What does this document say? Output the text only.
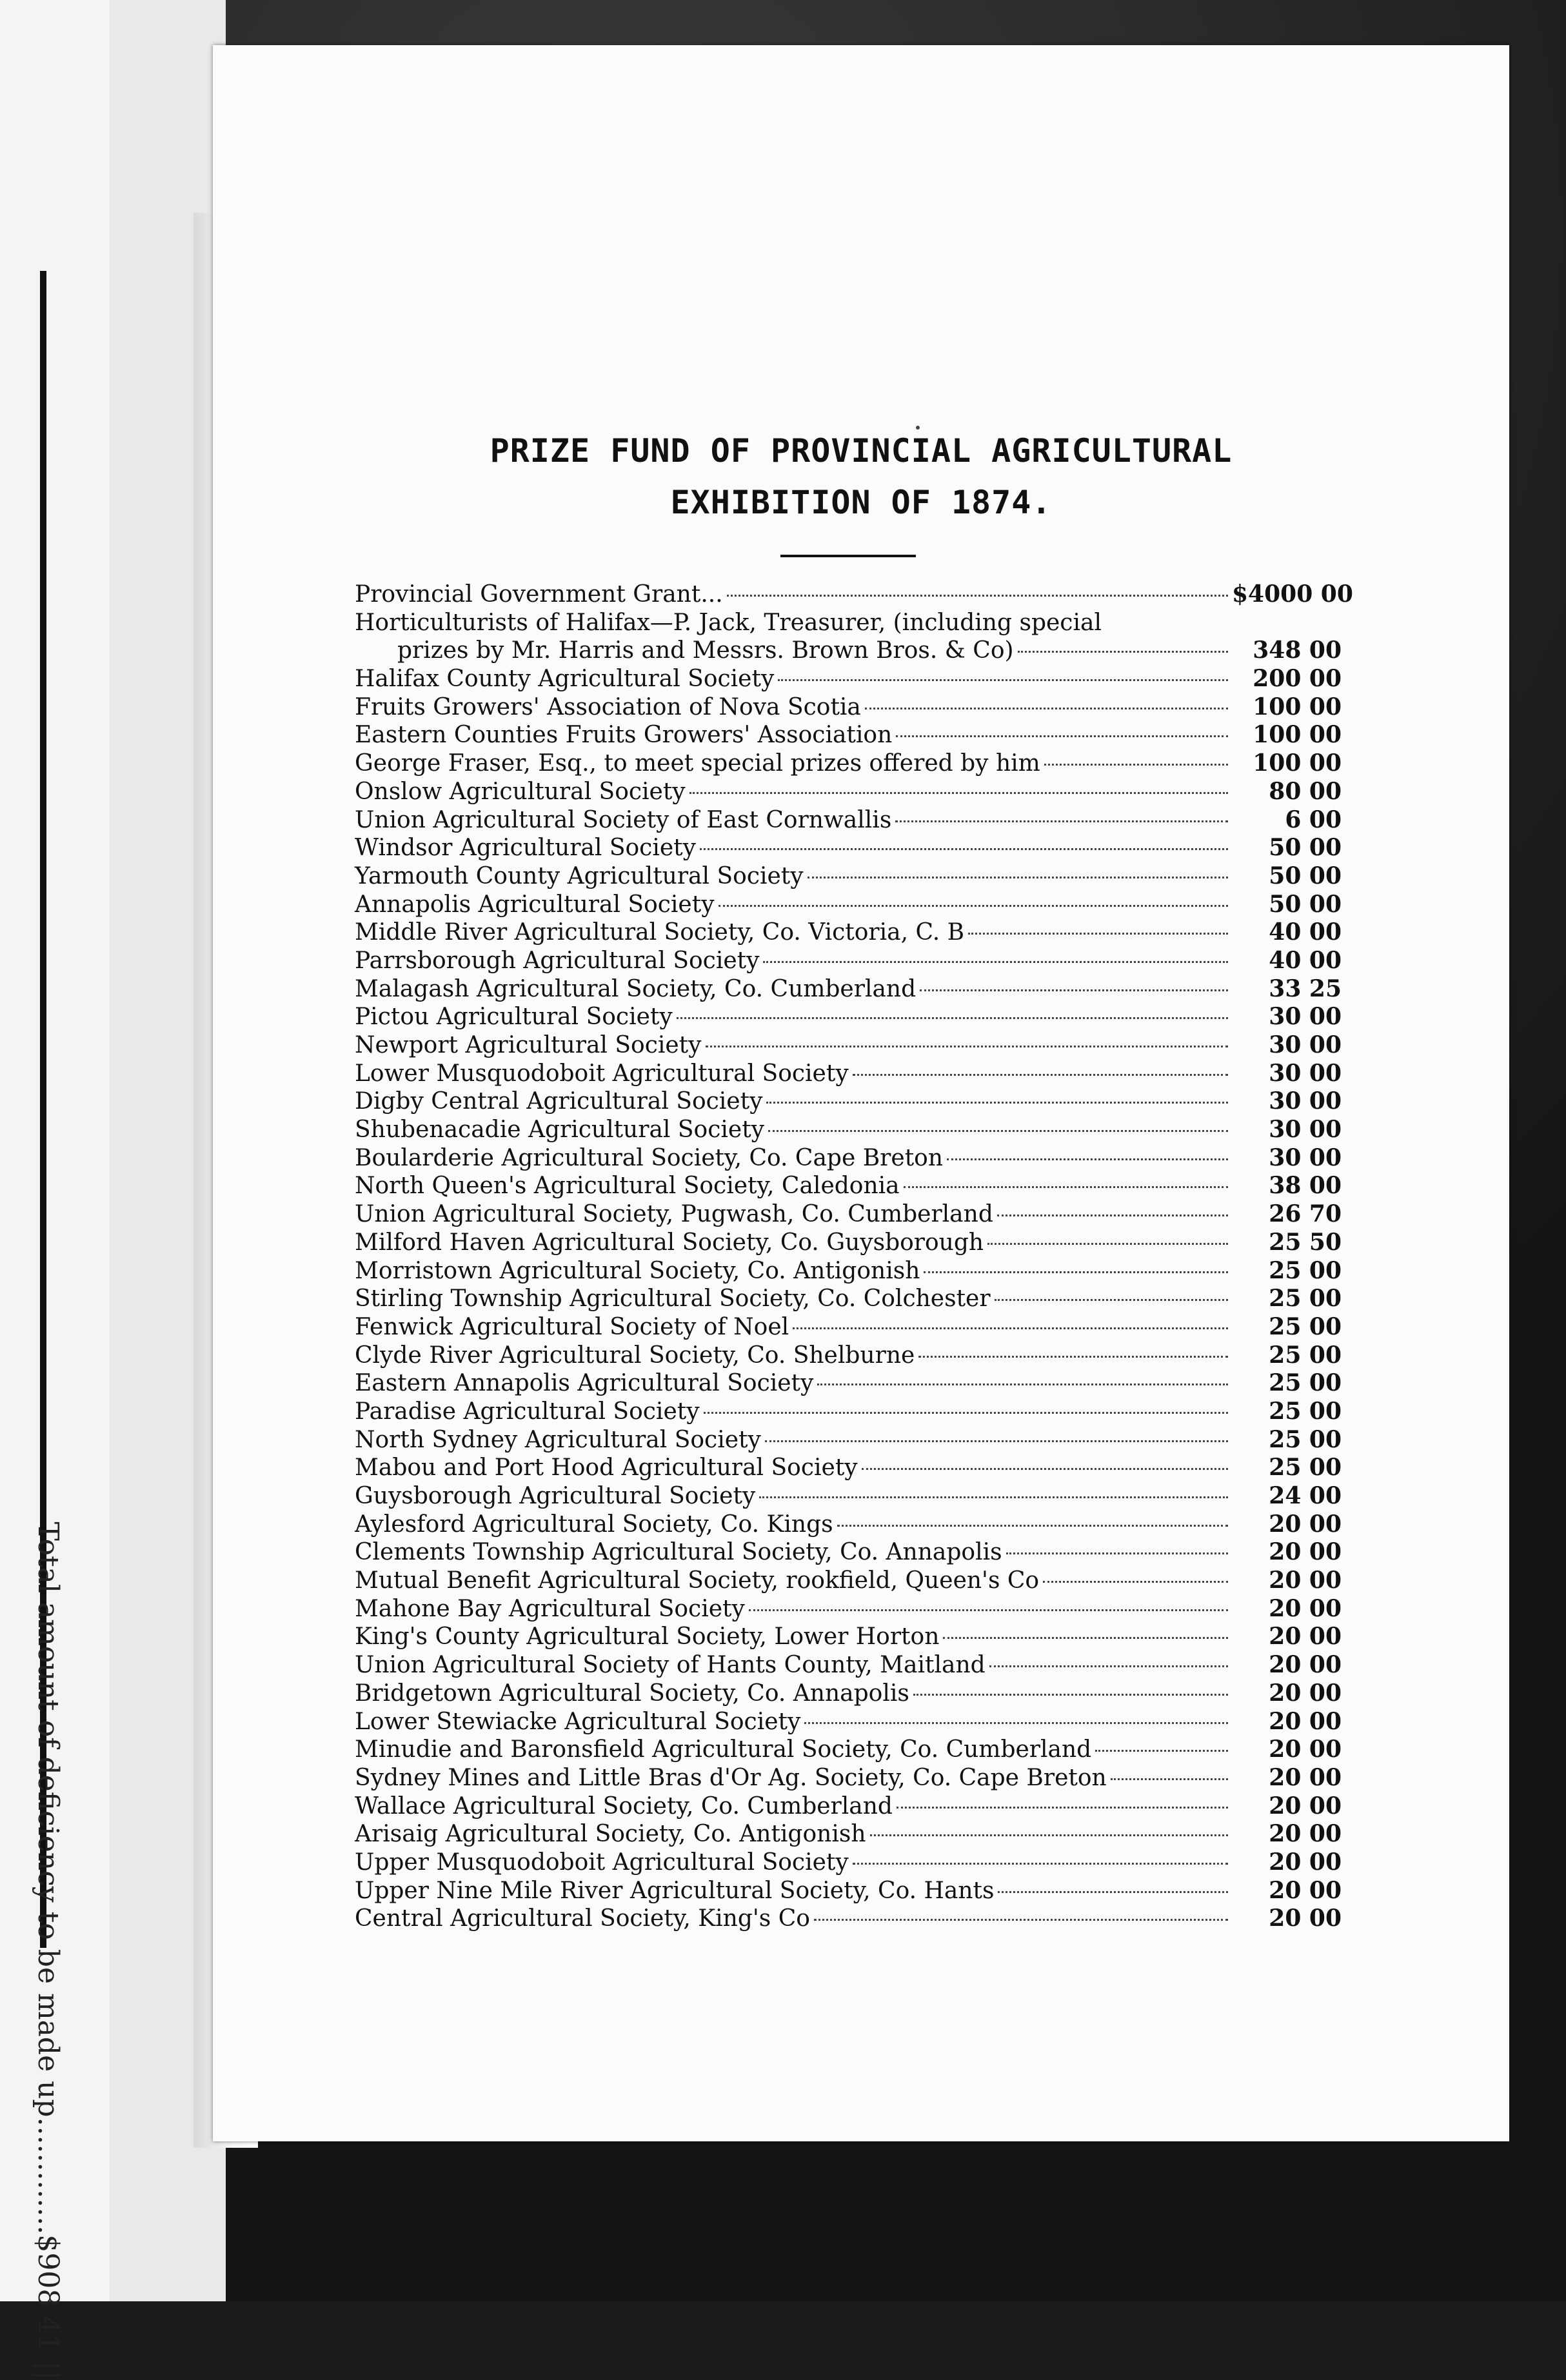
Total amount of deficiency to be made up.............$908 41 ||
PRIZE FUND OF PROVINCIAL AGRICULTURAL
EXHIBITION OF 1874.
Provincial Government Grant...	$4000 00
Horticulturists of Halifax—P. Jack, Treasurer, (including special
prizes by Mr. Harris and Messrs. Brown Bros. & Co)	348 00
Halifax County Agricultural Society	200 00
Fruits Growers' Association of Nova Scotia	100 00
Eastern Counties Fruits Growers' Association	100 00
George Fraser, Esq., to meet special prizes offered by him	100 00
Onslow Agricultural Society	80 00
Union Agricultural Society of East Cornwallis	6 00
Windsor Agricultural Society	50 00
Yarmouth County Agricultural Society	50 00
Annapolis Agricultural Society	50 00
Middle River Agricultural Society, Co. Victoria, C. B	40 00
Parrsborough Agricultural Society	40 00
Malagash Agricultural Society, Co. Cumberland	33 25
Pictou Agricultural Society	30 00
Newport Agricultural Society	30 00
Lower Musquodoboit Agricultural Society	30 00
Digby Central Agricultural Society	30 00
Shubenacadie Agricultural Society	30 00
Boularderie Agricultural Society, Co. Cape Breton	30 00
North Queen's Agricultural Society, Caledonia	38 00
Union Agricultural Society, Pugwash, Co. Cumberland	26 70
Milford Haven Agricultural Society, Co. Guysborough	25 50
Morristown Agricultural Society, Co. Antigonish	25 00
Stirling Township Agricultural Society, Co. Colchester	25 00
Fenwick Agricultural Society of Noel	25 00
Clyde River Agricultural Society, Co. Shelburne	25 00
Eastern Annapolis Agricultural Society	25 00
Paradise Agricultural Society	25 00
North Sydney Agricultural Society	25 00
Mabou and Port Hood Agricultural Society	25 00
Guysborough Agricultural Society	24 00
Aylesford Agricultural Society, Co. Kings	20 00
Clements Township Agricultural Society, Co. Annapolis	20 00
Mutual Benefit Agricultural Society, rookfield, Queen's Co	20 00
Mahone Bay Agricultural Society	20 00
King's County Agricultural Society, Lower Horton	20 00
Union Agricultural Society of Hants County, Maitland	20 00
Bridgetown Agricultural Society, Co. Annapolis	20 00
Lower Stewiacke Agricultural Society	20 00
Minudie and Baronsfield Agricultural Society, Co. Cumberland	20 00
Sydney Mines and Little Bras d'Or Ag. Society, Co. Cape Breton	20 00
Wallace Agricultural Society, Co. Cumberland	20 00
Arisaig Agricultural Society, Co. Antigonish	20 00
Upper Musquodoboit Agricultural Society	20 00
Upper Nine Mile River Agricultural Society, Co. Hants	20 00
Central Agricultural Society, King's Co	20 00
